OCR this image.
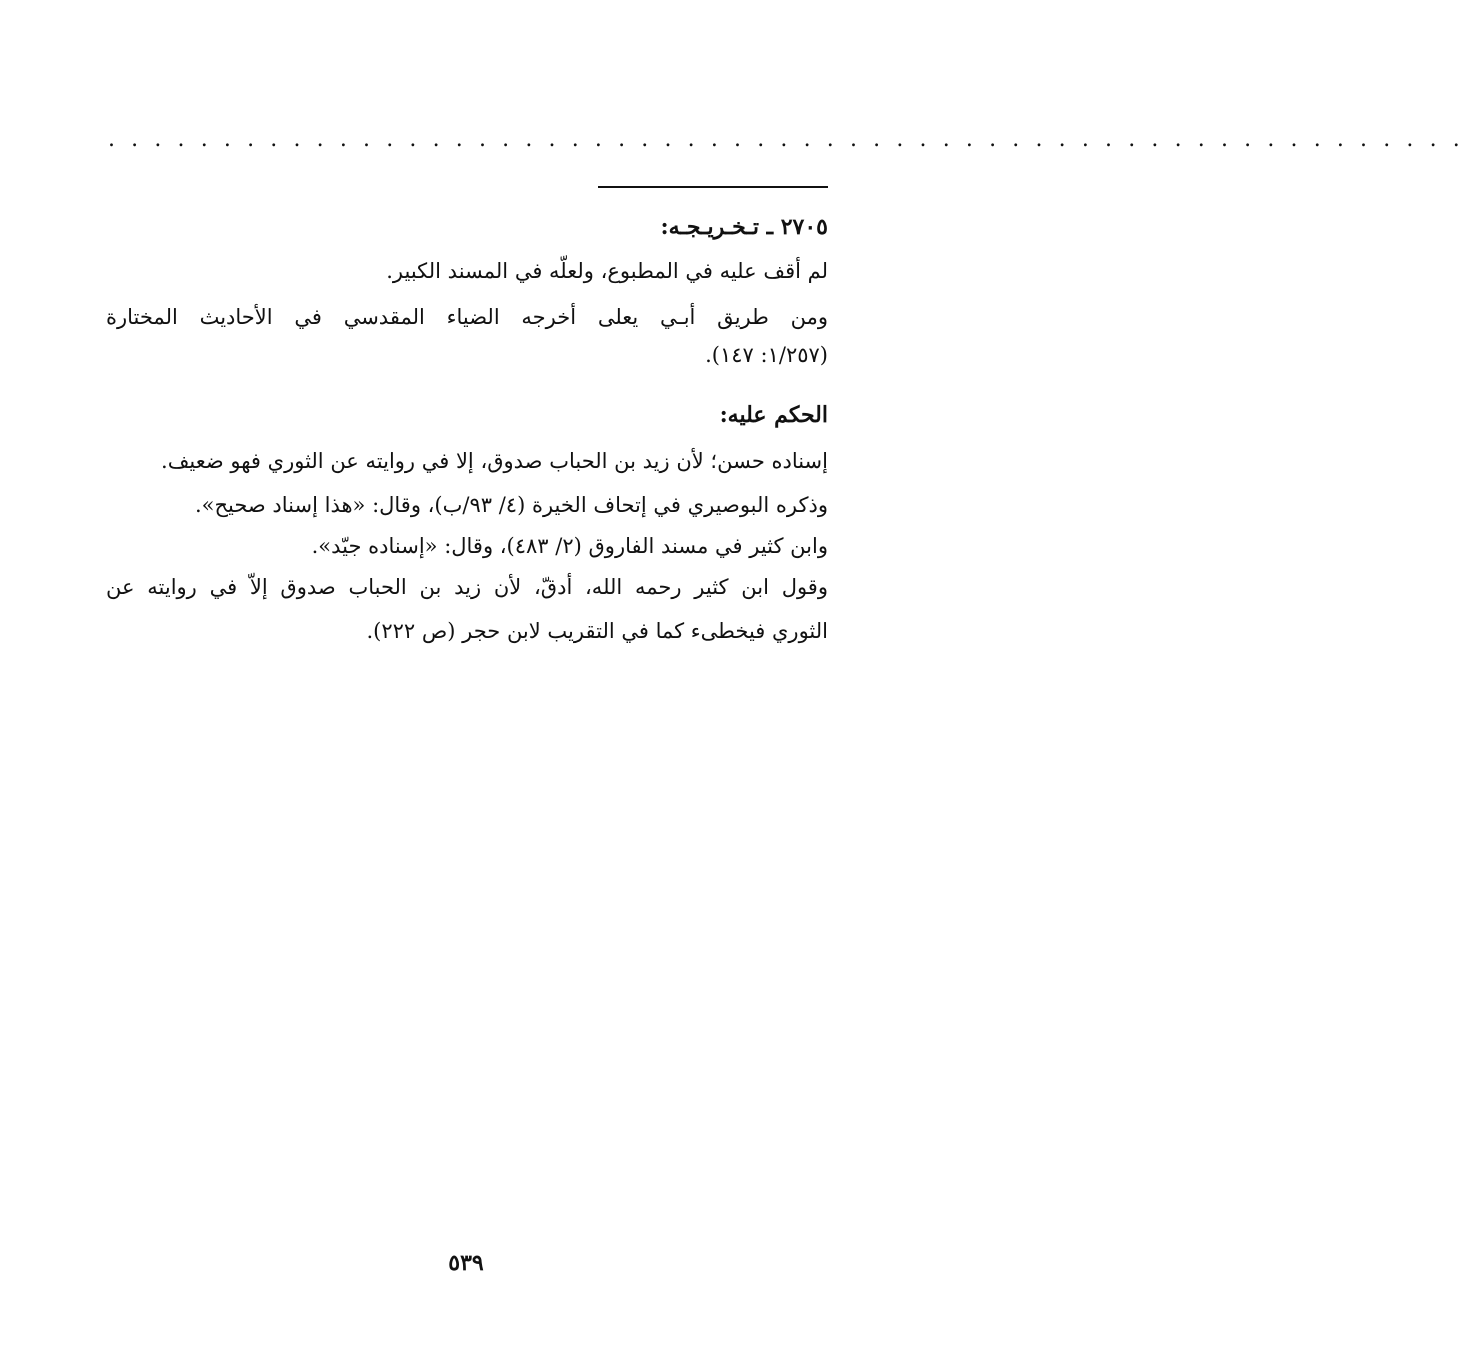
. . . . . . . . . . . . . . . . . . . . . . . . . . . . . . . . . . . . . . . . . . . . . . . . . . . . . . . . . . .
٢٧٠٥ ـ تـخـريـجـه:
لم أقف عليه في المطبوع، ولعلّه في المسند الكبير.
ومن طريق أبـي يعلى أخرجه الضياء المقدسي في الأحاديث المختارة
(١/٢٥٧: ١٤٧).
الحكم عليه:
إسناده حسن؛ لأن زيد بن الحباب صدوق، إلا في روايته عن الثوري فهو ضعيف.
وذكره البوصيري في إتحاف الخيرة (٤/ ٩٣/ب)، وقال: «هذا إسناد صحيح».
وابن كثير في مسند الفاروق (٢/ ٤٨٣)، وقال: «إسناده جيّد».
وقول ابن كثير رحمه الله، أدقّ، لأن زيد بن الحباب صدوق إلاّ في روايته عن
الثوري فيخطىء كما في التقريب لابن حجر (ص ٢٢٢).
٥٣٩
